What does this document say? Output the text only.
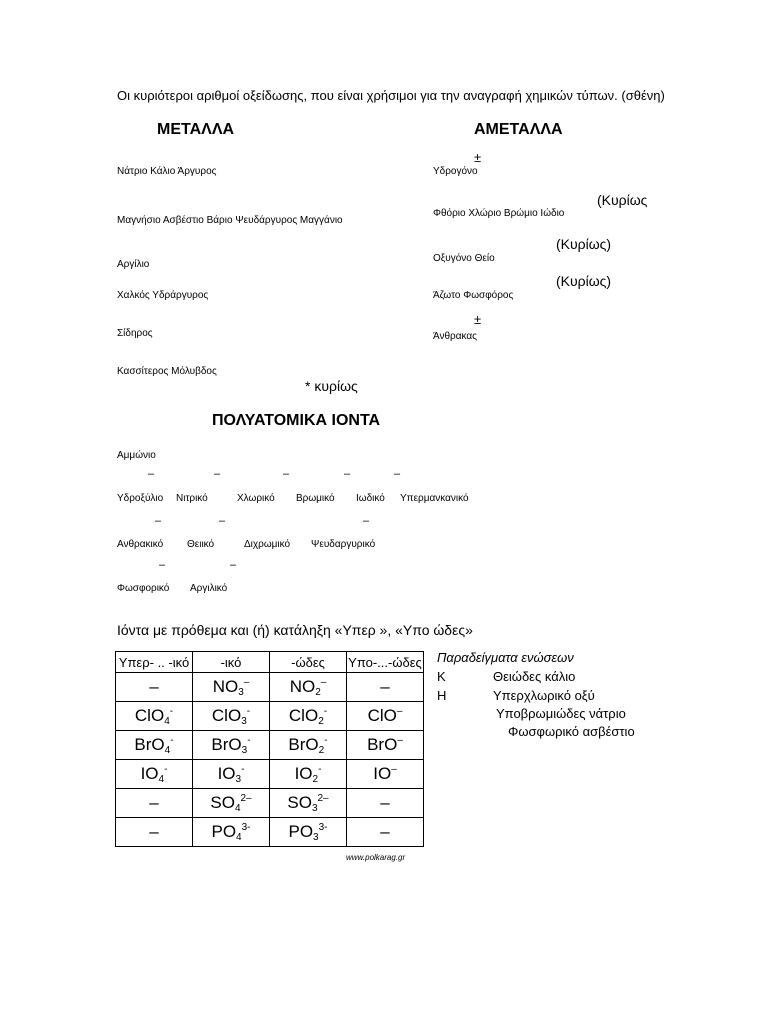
Οι κυριότεροι αριθμοί οξείδωσης, που είναι χρήσιμοι για την αναγραφή χημικών τύπων. (σθένη)
ΜΕΤΑΛΛΑ
Νάτριο Κάλιο Άργυρος
Μαγνήσιο Ασβέστιο Βάριο Ψευδάργυρος Μαγγάνιο
Αργίλιο
Χαλκός Υδράργυρος
Σίδηρος
Κασσίτερος Μόλυβδος
* κυρίως
ΑΜΕΤΑΛΛΑ
±
Υδρογόνο
(Κυρίως
Φθόριο Χλώριο Βρώμιο Ιώδιο
(Κυρίως)
Οξυγόνο Θείο
(Κυρίως)
Άζωτο Φωσφόρος
±
Άνθρακας
ΠΟΛΥΑΤΟΜΙΚΑ ΙΟΝΤΑ
Αμμώνιο
–	–	–	–	–
Υδροξύλιο Νιτρικό	Χλωρικό Βρωμικό Ιωδικό Υπερμανκανικό
–	–	–
Ανθρακικό Θειικό	Διχρωμικό Ψευδαργυρικό
–	–
Φωσφορικό Αργιλικό
Ιόντα με πρόθεμα και (ή) κατάληξη «Υπερ », «Υπο ώδες»
Υπερ- .. -ικό	-ικό	-ώδες	Υπο-...-ώδες
–	$NO_3^-$	$NO_2^-$	–
ClO$_4$-	ClO$_3$-	ClO$_2$-	ClO–
BrO$_4$-	BrO$_3$-	BrO$_2$-	BrO–
$IO_4^-$	$IO_3^-$	$IO_2^-$	IO–
–	$SO_4^{2-}$	$SO_3^{2-}$	–
–	$PO_4^{3-}$	$PO_3^{3-}$	–
www.polkarag.gr
Παραδείγματα ενώσεων
K	Θειώδες κάλιο
H	Υπερχλωρικό οξύ
Υποβρωμιώδες νάτριο
Φωσφωρικό ασβέστιο
